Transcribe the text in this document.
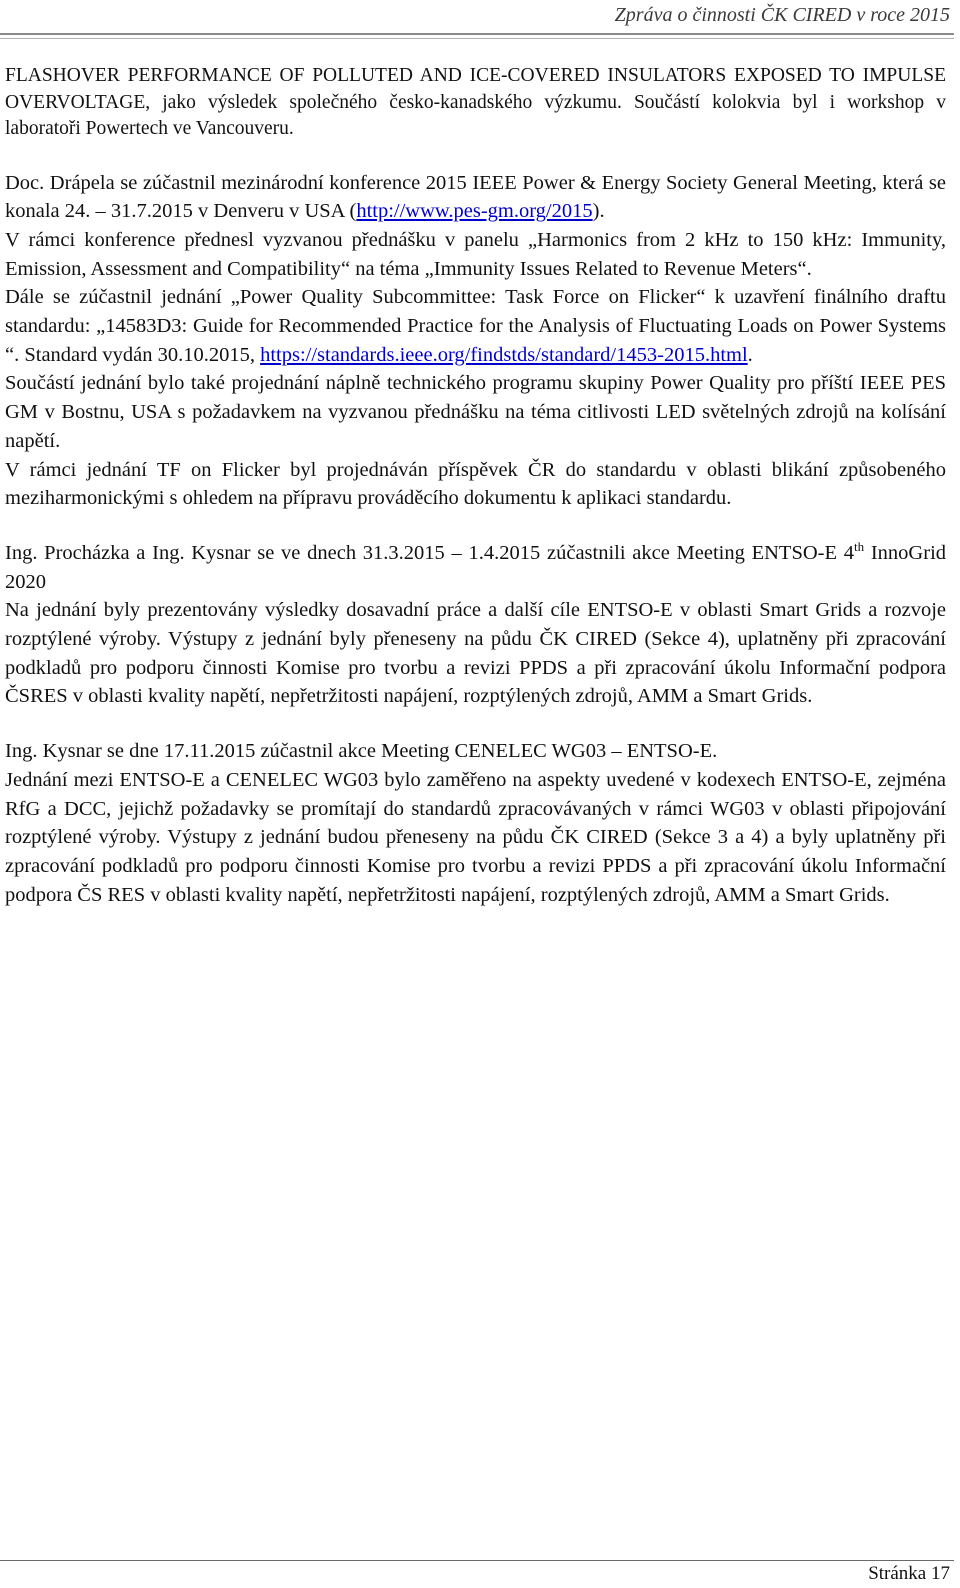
Zpráva o činnosti ČK CIRED v roce 2015

FLASHOVER PERFORMANCE OF POLLUTED AND ICE-COVERED INSULATORS EXPOSED TO IMPULSE OVERVOLTAGE, jako výsledek společného česko-kanadského výzkumu. Součástí kolokvia byl i workshop v laboratoři Powertech ve Vancouveru.

Doc. Drápela se zúčastnil mezinárodní konference 2015 IEEE Power & Energy Society General Meeting, která se konala 24. – 31.7.2015 v Denveru v USA (http://www.pes-gm.org/2015).

V rámci konference přednesl vyzvanou přednášku v panelu „Harmonics from 2 kHz to 150 kHz: Immunity, Emission, Assessment and Compatibility“ na téma „Immunity Issues Related to Revenue Meters“.

Dále se zúčastnil jednání „Power Quality Subcommittee: Task Force on Flicker“ k uzavření finálního draftu standardu: „14583D3: Guide for Recommended Practice for the Analysis of Fluctuating Loads on Power Systems “. Standard vydán 30.10.2015, https://standards.ieee.org/findstds/standard/1453-2015.html.

Součástí jednání bylo také projednání náplně technického programu skupiny Power Quality pro příští IEEE PES GM v Bostnu, USA s požadavkem na vyzvanou přednášku na téma citlivosti LED světelných zdrojů na kolísání napětí.

V rámci jednání TF on Flicker byl projednáván příspěvek ČR do standardu v oblasti blikání způsobeného meziharmonickými s ohledem na přípravu prováděcího dokumentu k aplikaci standardu.

Ing. Procházka a Ing. Kysnar se ve dnech 31.3.2015 – 1.4.2015 zúčastnili akce Meeting ENTSO-E 4th InnoGrid 2020

Na jednání byly prezentovány výsledky dosavadní práce a další cíle ENTSO-E v oblasti Smart Grids a rozvoje rozptýlené výroby. Výstupy z jednání byly přeneseny na půdu ČK CIRED (Sekce 4), uplatněny při zpracování podkladů pro podporu činnosti Komise pro tvorbu a revizi PPDS a při zpracování úkolu Informační podpora ČSRES v oblasti kvality napětí, nepřetržitosti napájení, rozptýlených zdrojů, AMM a Smart Grids.

Ing. Kysnar se dne 17.11.2015 zúčastnil akce Meeting CENELEC WG03 – ENTSO-E.

Jednání mezi ENTSO-E a CENELEC WG03 bylo zaměřeno na aspekty uvedené v kodexech ENTSO-E, zejména RfG a DCC, jejichž požadavky se promítají do standardů zpracovávaných v rámci WG03 v oblasti připojování rozptýlené výroby. Výstupy z jednání budou přeneseny na půdu ČK CIRED (Sekce 3 a 4) a byly uplatněny při zpracování podkladů pro podporu činnosti Komise pro tvorbu a revizi PPDS a při zpracování úkolu Informační podpora ČS RES v oblasti kvality napětí, nepřetržitosti napájení, rozptýlených zdrojů, AMM a Smart Grids.

Stránka 17
